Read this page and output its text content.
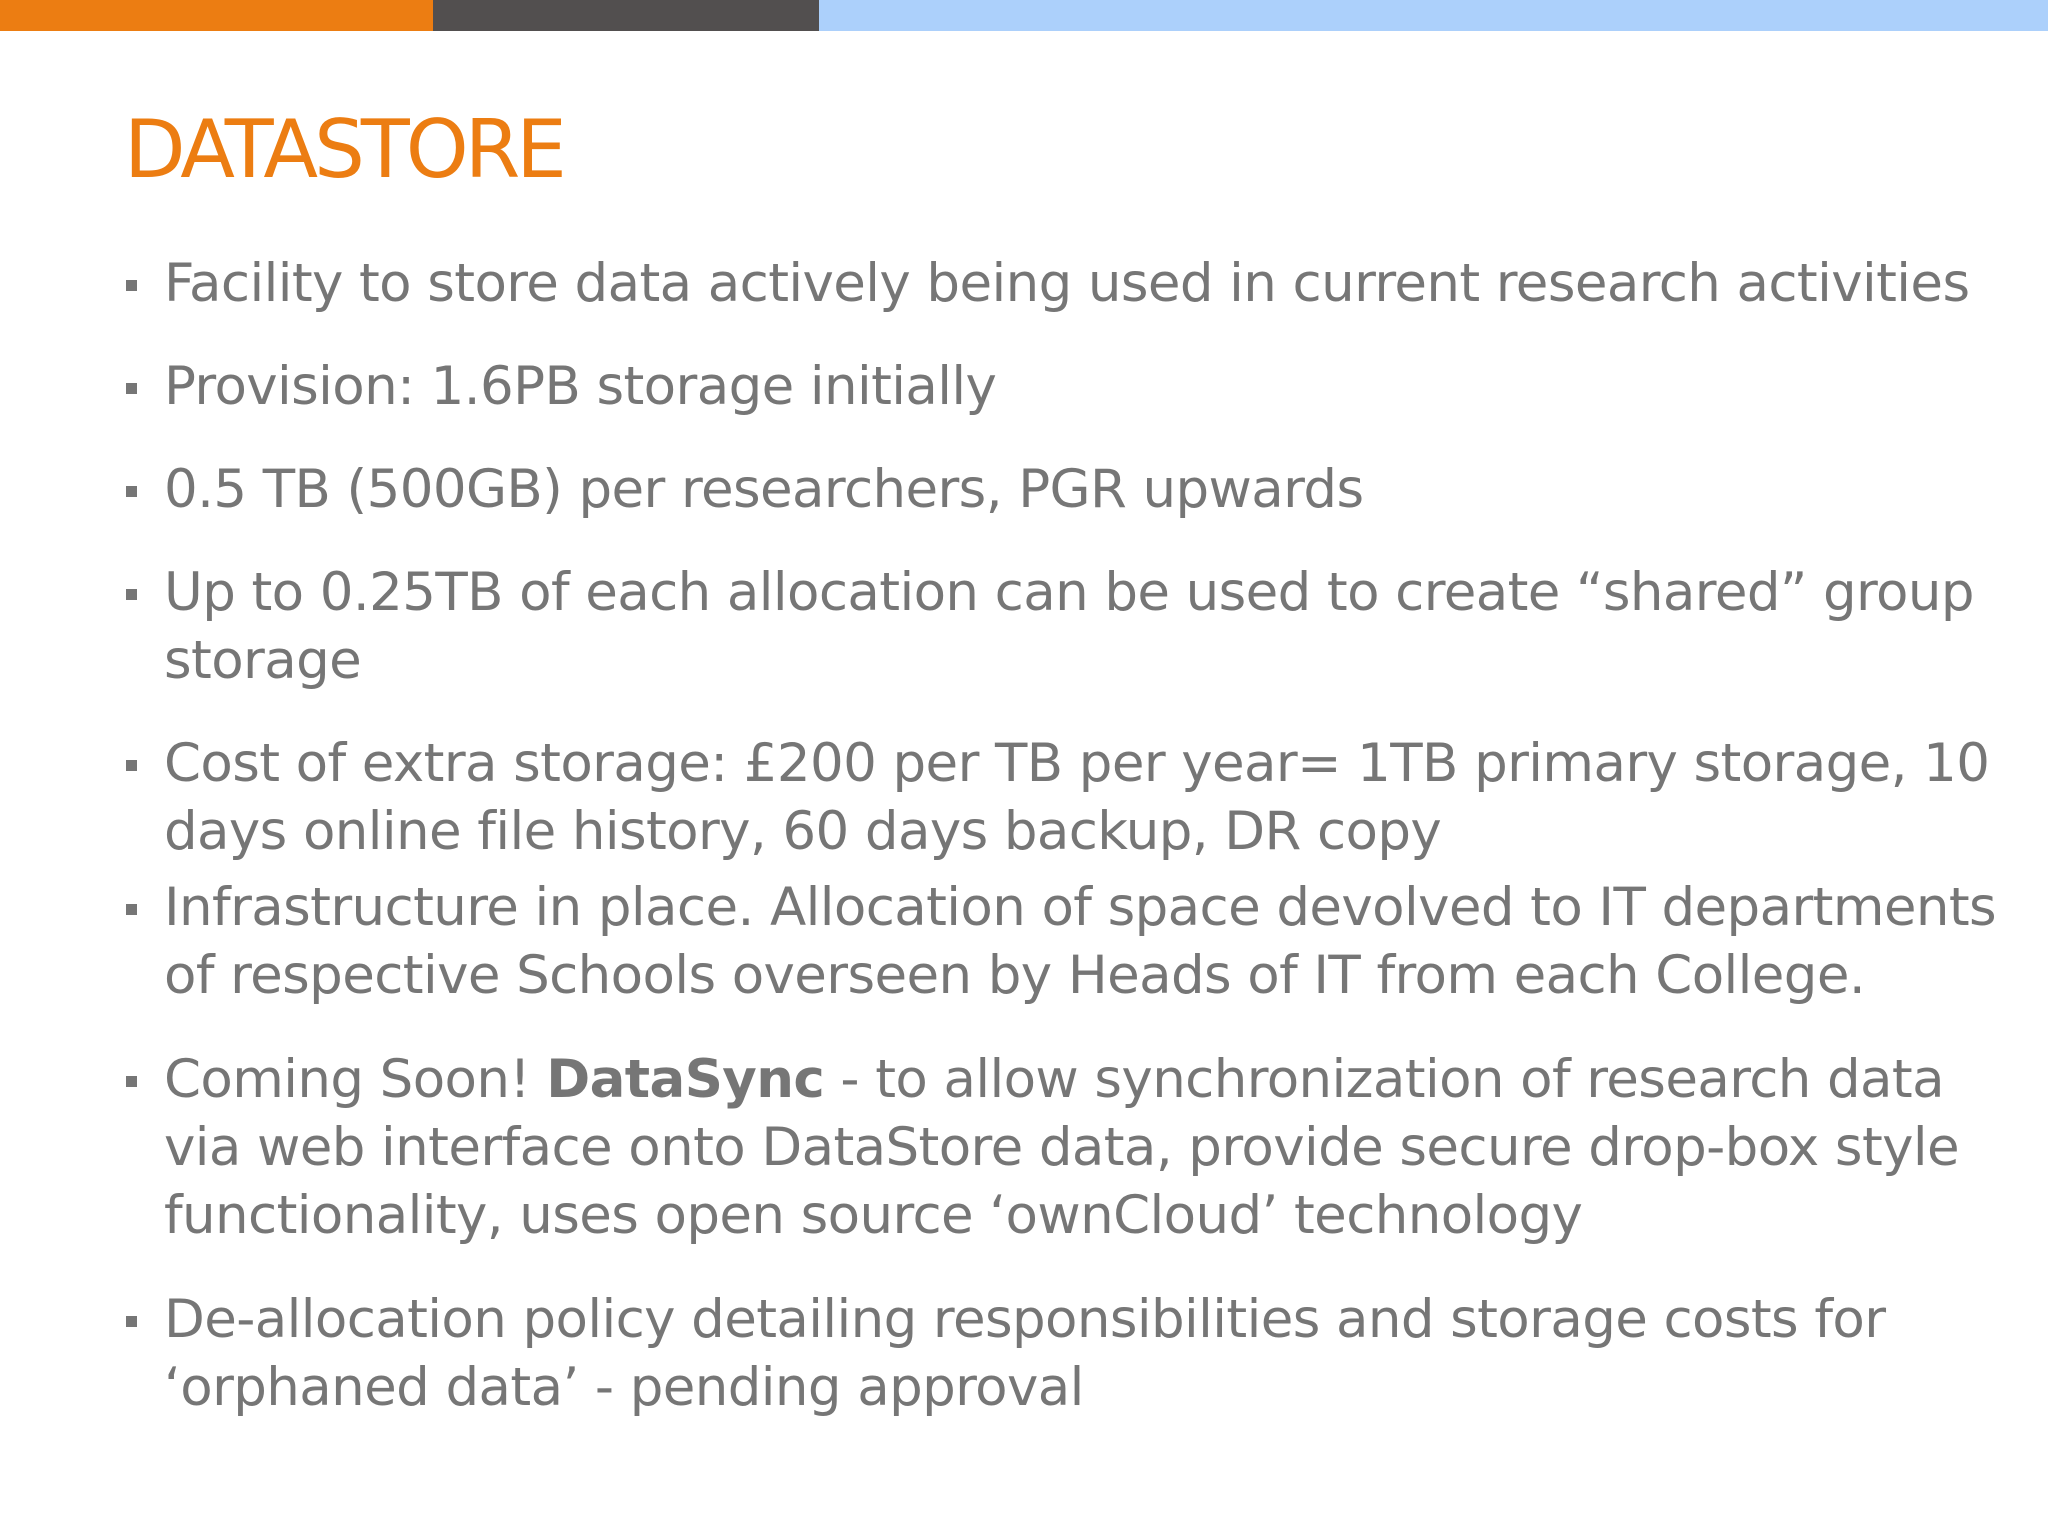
DATASTORE
Facility to store data actively being used in current research activities
Provision: 1.6PB storage initially
0.5 TB (500GB) per researchers, PGR upwards
Up to 0.25TB of each allocation can be used to create “shared” group storage
Cost of extra storage: £200 per TB per year= 1TB primary storage, 10 days online file history, 60 days backup, DR copy
Infrastructure in place. Allocation of space devolved to IT departments of respective Schools overseen by Heads of IT from each College.
Coming Soon! DataSync - to allow synchronization of research data via web interface onto DataStore data, provide secure drop-box style functionality, uses open source ‘ownCloud’ technology
De-allocation policy detailing responsibilities and storage costs for ‘orphaned data’ - pending approval
